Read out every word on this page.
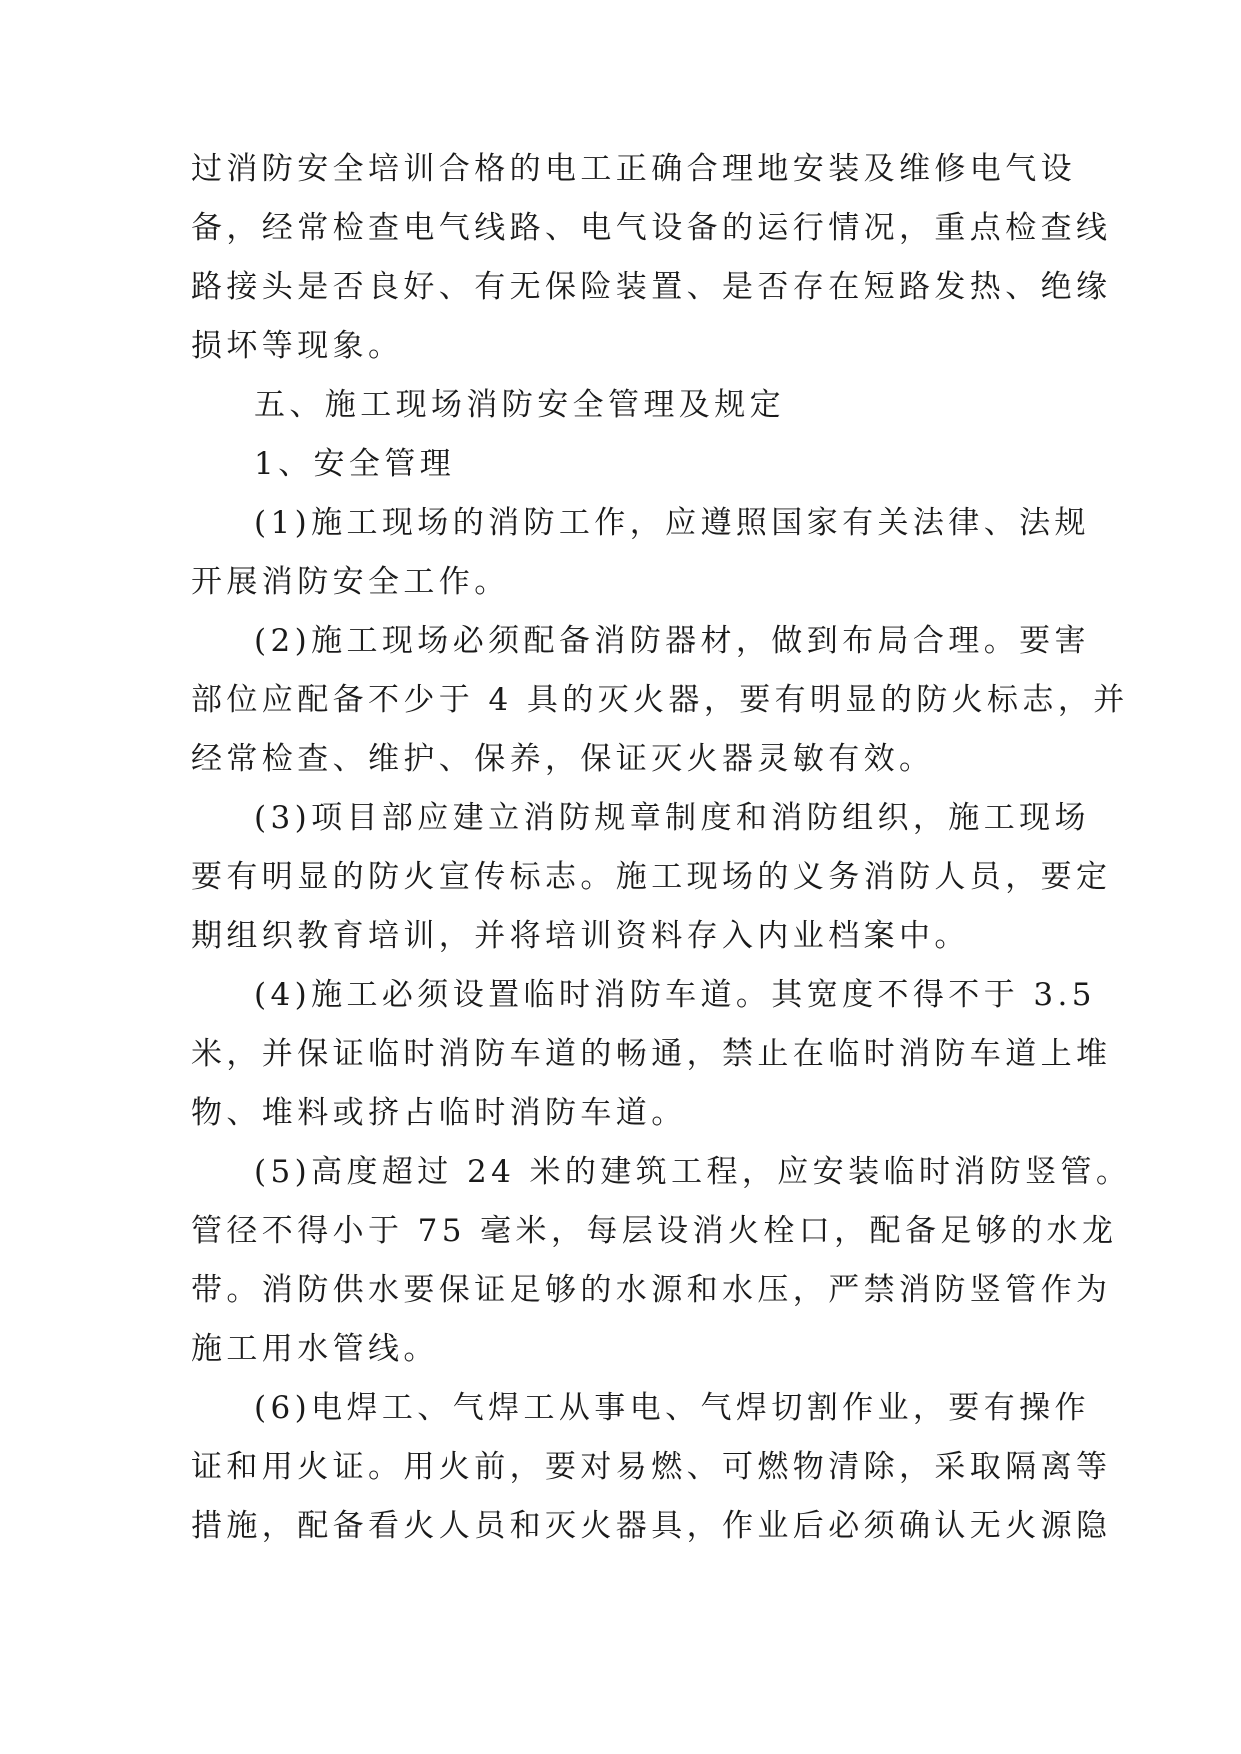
过消防安全培训合格的电工正确合理地安装及维修电气设
备，经常检查电气线路、电气设备的运行情况，重点检查线
路接头是否良好、有无保险装置、是否存在短路发热、绝缘
损坏等现象。
五、施工现场消防安全管理及规定
1、安全管理
(1)施工现场的消防工作，应遵照国家有关法律、法规
开展消防安全工作。
(2)施工现场必须配备消防器材，做到布局合理。要害
部位应配备不少于 4 具的灭火器，要有明显的防火标志，并
经常检查、维护、保养，保证灭火器灵敏有效。
(3)项目部应建立消防规章制度和消防组织，施工现场
要有明显的防火宣传标志。施工现场的义务消防人员，要定
期组织教育培训，并将培训资料存入内业档案中。
(4)施工必须设置临时消防车道。其宽度不得不于 3.5
米，并保证临时消防车道的畅通，禁止在临时消防车道上堆
物、堆料或挤占临时消防车道。
(5)高度超过 24 米的建筑工程，应安装临时消防竖管。
管径不得小于 75 毫米，每层设消火栓口，配备足够的水龙
带。消防供水要保证足够的水源和水压，严禁消防竖管作为
施工用水管线。
(6)电焊工、气焊工从事电、气焊切割作业，要有操作
证和用火证。用火前，要对易燃、可燃物清除，采取隔离等
措施，配备看火人员和灭火器具，作业后必须确认无火源隐
